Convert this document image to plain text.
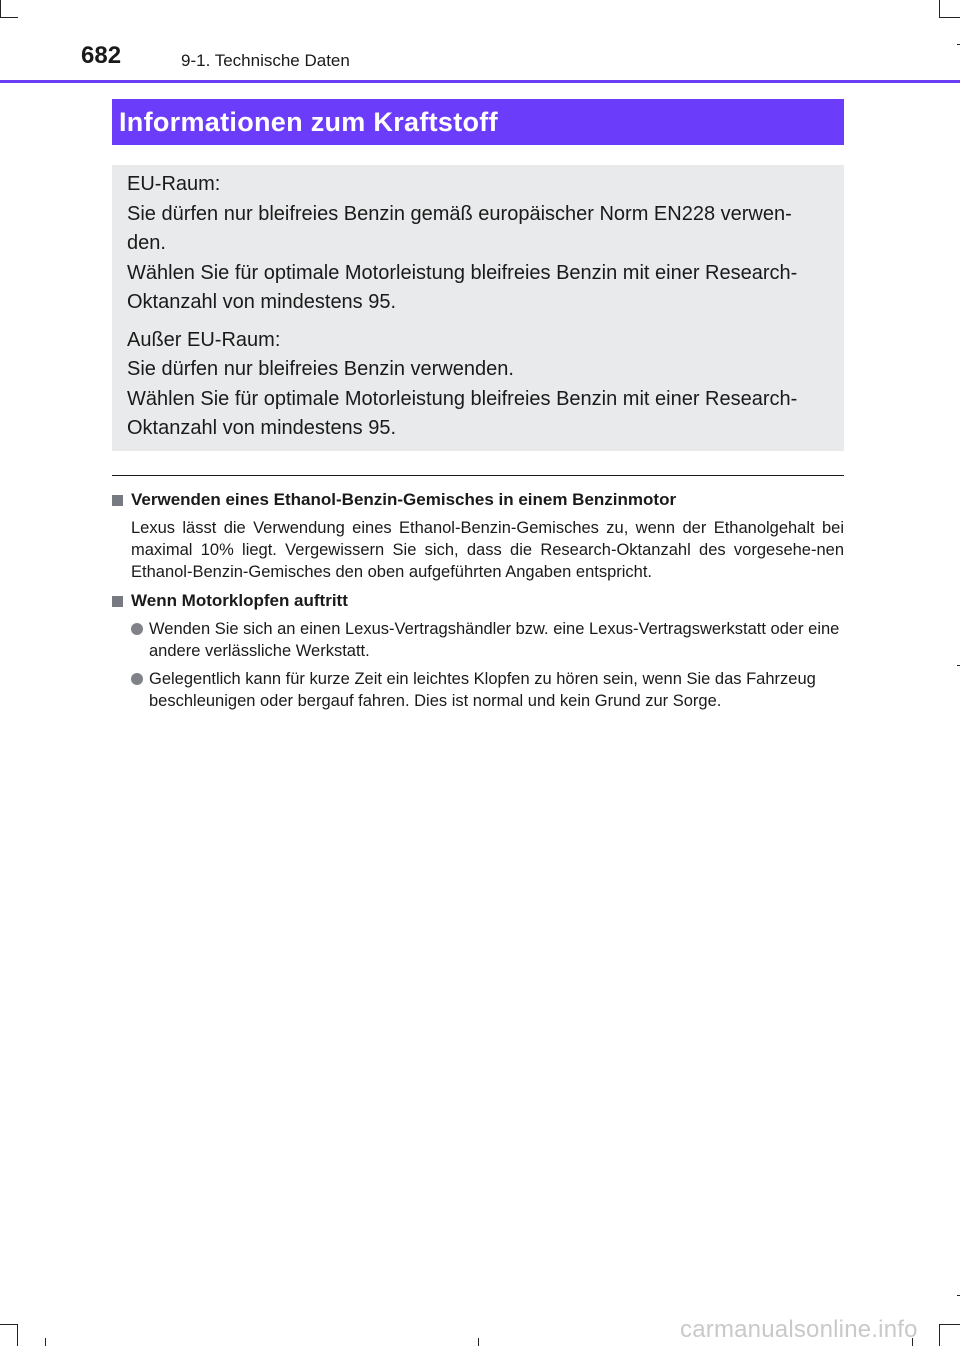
682	9-1. Technische Daten
Informationen zum Kraftstoff

EU-Raum:

Sie dürfen nur bleifreies Benzin gemäß europäischer Norm EN228 verwen-den.

Wählen Sie für optimale Motorleistung bleifreies Benzin mit einer Research-Oktanzahl von mindestens 95.

Außer EU-Raum:

Sie dürfen nur bleifreies Benzin verwenden.

Wählen Sie für optimale Motorleistung bleifreies Benzin mit einer Research-Oktanzahl von mindestens 95.

Verwenden eines Ethanol-Benzin-Gemisches in einem Benzinmotor
Lexus lässt die Verwendung eines Ethanol-Benzin-Gemisches zu, wenn der Ethanolgehalt bei maximal 10% liegt. Vergewissern Sie sich, dass die Research-Oktanzahl des vorgesehe-nen Ethanol-Benzin-Gemisches den oben aufgeführten Angaben entspricht.
Wenn Motorklopfen auftritt
Wenden Sie sich an einen Lexus-Vertragshändler bzw. eine Lexus-Vertragswerkstatt oder eine andere verlässliche Werkstatt.
Gelegentlich kann für kurze Zeit ein leichtes Klopfen zu hören sein, wenn Sie das Fahrzeug beschleunigen oder bergauf fahren. Dies ist normal und kein Grund zur Sorge.
carmanualsonline.info
